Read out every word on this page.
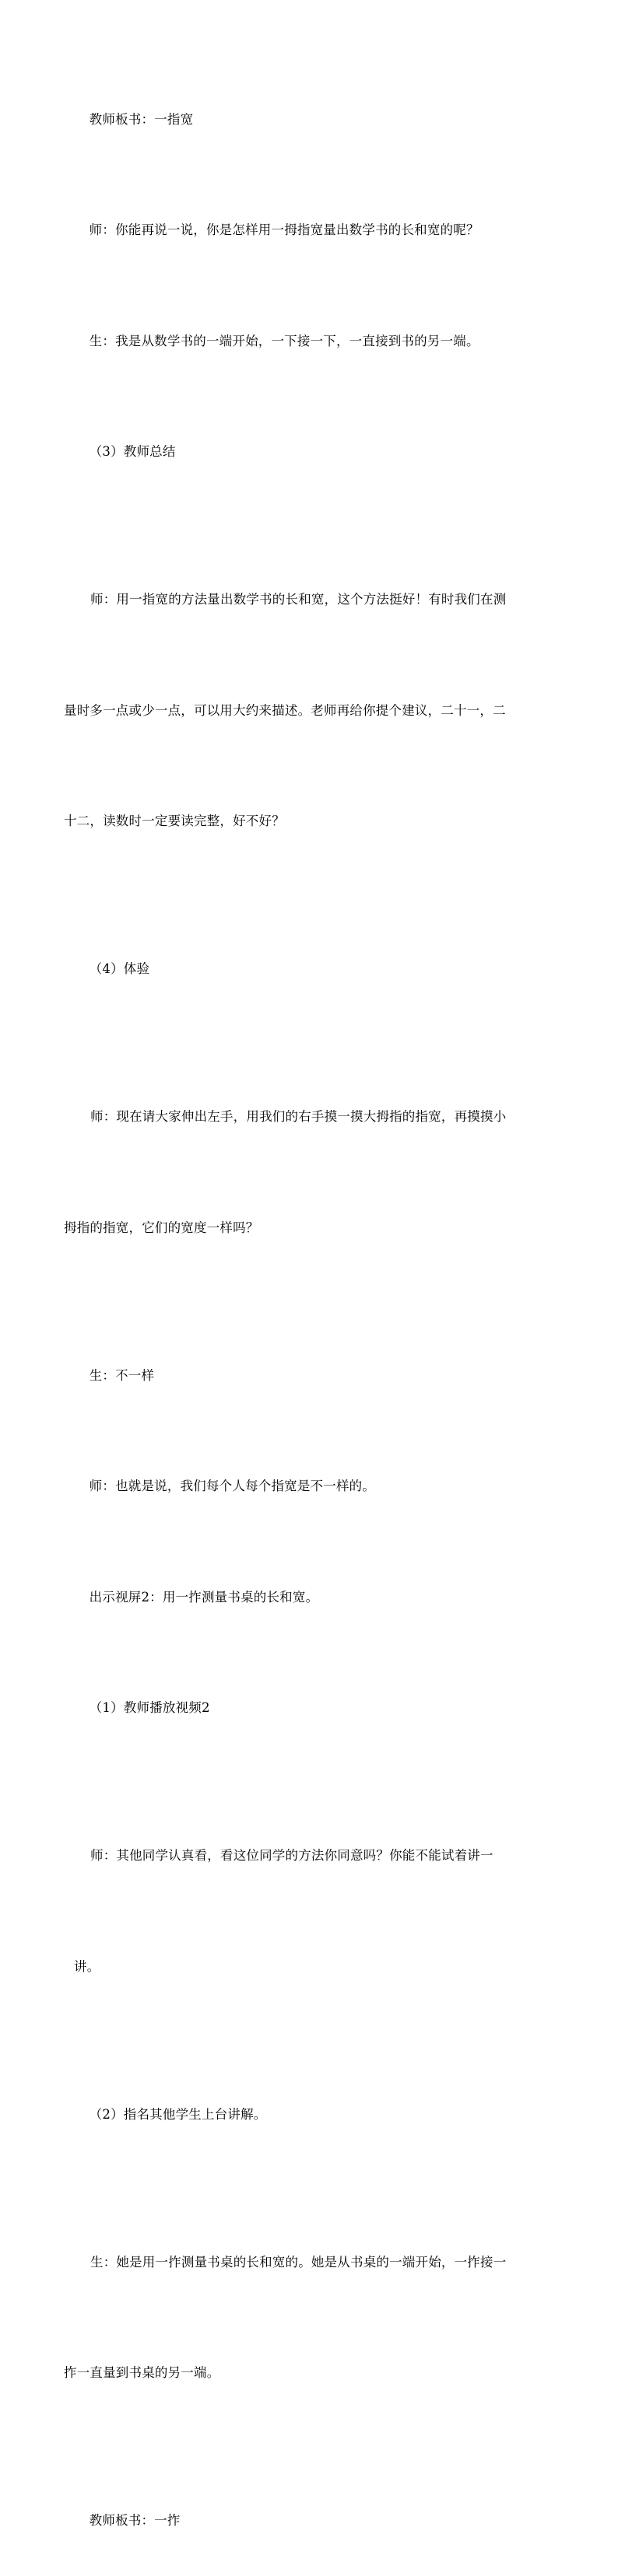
教师板书：一指宽

师：你能再说一说，你是怎样用一拇指宽量出数学书的长和宽的呢？

生：我是从数学书的一端开始，一下接一下，一直接到书的另一端。

（3）教师总结

师：用一指宽的方法量出数学书的长和宽，这个方法挺好！有时我们在测

量时多一点或少一点，可以用大约来描述。老师再给你提个建议，二十一，二

十二，读数时一定要读完整，好不好？

（4）体验

师：现在请大家伸出左手，用我们的右手摸一摸大拇指的指宽，再摸摸小

拇指的指宽，它们的宽度一样吗？

生：不一样

师：也就是说，我们每个人每个指宽是不一样的。

出示视屏2：用一拃测量书桌的长和宽。

（1）教师播放视频2

师：其他同学认真看，看这位同学的方法你同意吗？你能不能试着讲一

讲。

（2）指名其他学生上台讲解。

生：她是用一拃测量书桌的长和宽的。她是从书桌的一端开始，一拃接一

拃一直量到书桌的另一端。

教师板书：一拃
